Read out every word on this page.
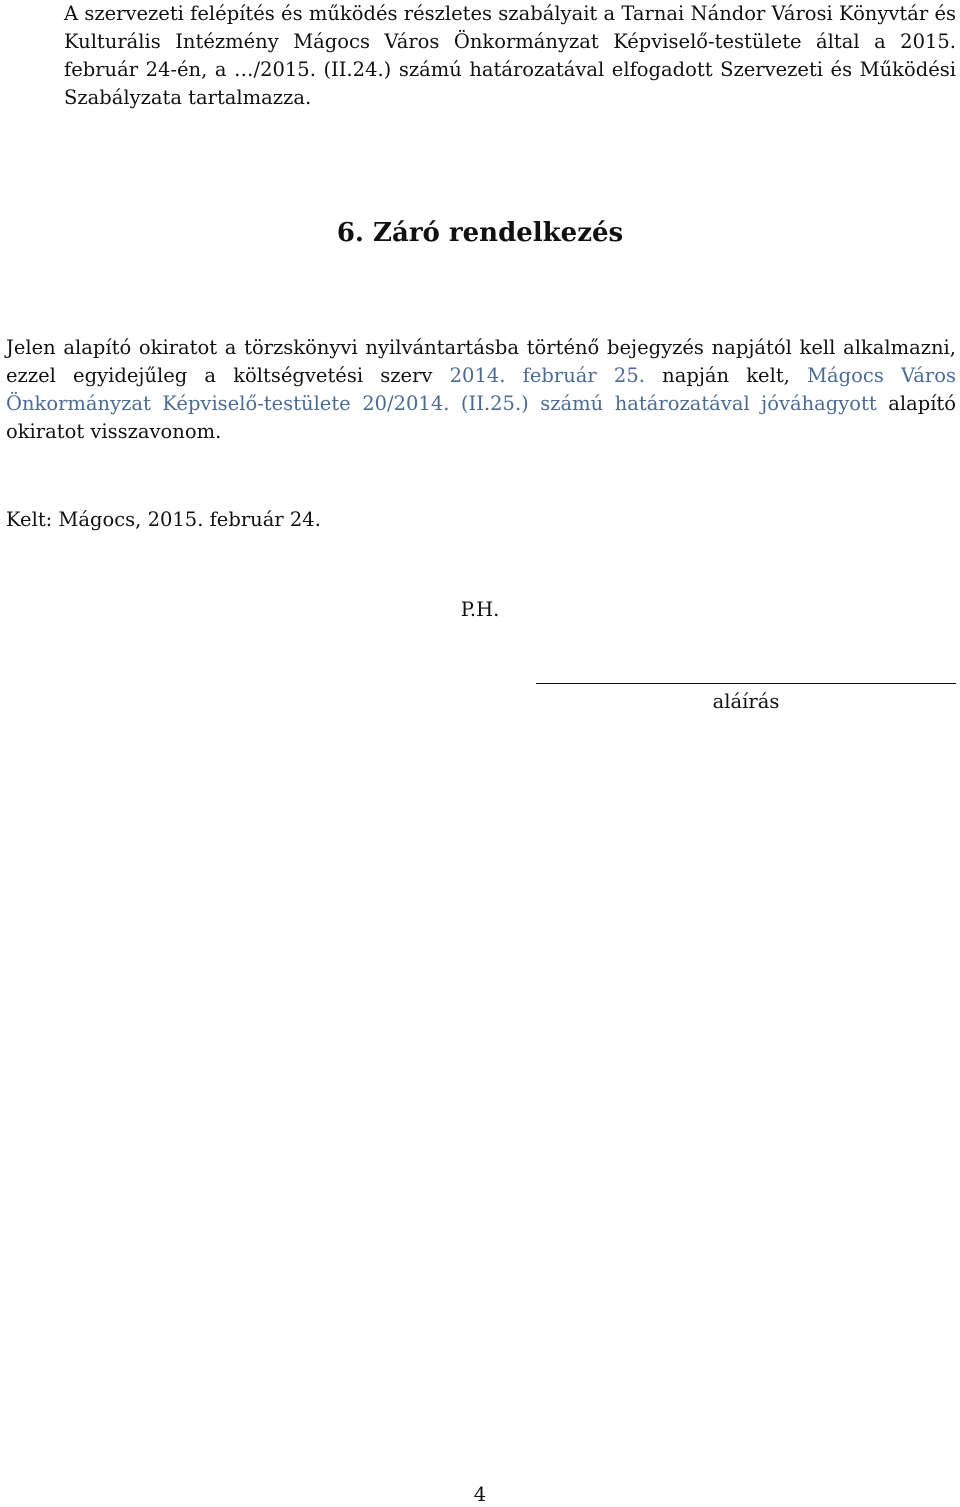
A szervezeti felépítés és működés részletes szabályait a Tarnai Nándor Városi Könyvtár és Kulturális Intézmény Mágocs Város Önkormányzat Képviselő-testülete által a 2015. február 24-én, a …/2015. (II.24.) számú határozatával elfogadott Szervezeti és Működési Szabályzata tartalmazza.

6. Záró rendelkezés

Jelen alapító okiratot a törzskönyvi nyilvántartásba történő bejegyzés napjától kell alkalmazni, ezzel egyidejűleg a költségvetési szerv 2014. február 25. napján kelt, Mágocs Város Önkormányzat Képviselő-testülete 20/2014. (II.25.) számú határozatával jóváhagyott alapító okiratot visszavonom.

Kelt: Mágocs, 2015. február 24.

P.H.

aláírás

4
